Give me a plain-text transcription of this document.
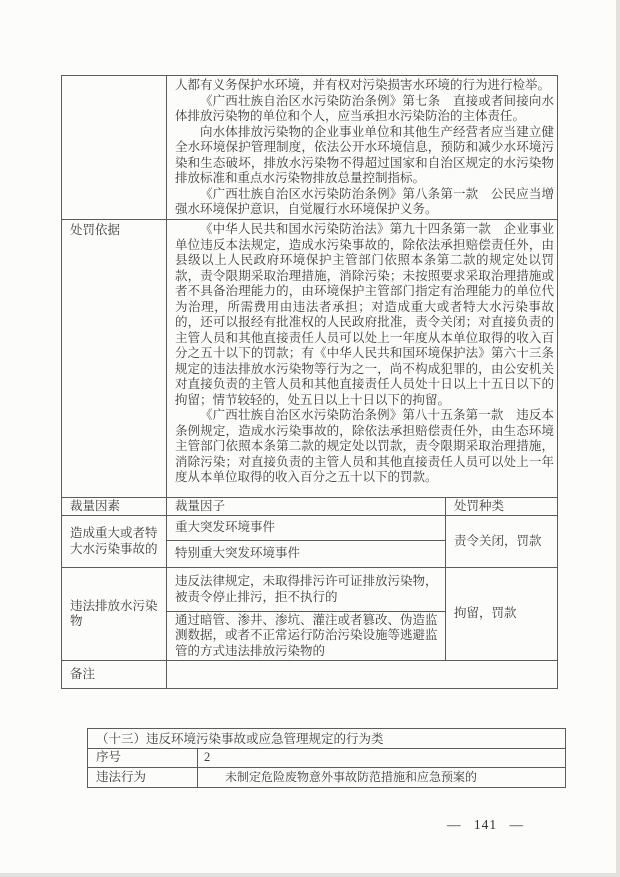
	人都有义务保护水环境，并有权对污染损害水环境的行为进行检举。

《广西壮族自治区水污染防治条例》第七条　直接或者间接向水体排放污染物的单位和个人，应当承担水污染防治的主体责任。

向水体排放污染物的企业事业单位和其他生产经营者应当建立健全水环境保护管理制度，依法公开水环境信息，预防和减少水环境污染和生态破坏，排放水污染物不得超过国家和自治区规定的水污染物排放标准和重点水污染物排放总量控制指标。

《广西壮族自治区水污染防治条例》第八条第一款　公民应当增强水环境保护意识，自觉履行水环境保护义务。	

处罚依据	《中华人民共和国水污染防治法》第九十四条第一款　企业事业单位违反本法规定，造成水污染事故的，除依法承担赔偿责任外，由县级以上人民政府环境保护主管部门依照本条第二款的规定处以罚款，责令限期采取治理措施，消除污染；未按照要求采取治理措施或者不具备治理能力的，由环境保护主管部门指定有治理能力的单位代为治理，所需费用由违法者承担；对造成重大或者特大水污染事故的，还可以报经有批准权的人民政府批准，责令关闭；对直接负责的主管人员和其他直接责任人员可以处上一年度从本单位取得的收入百分之五十以下的罚款；有《中华人民共和国环境保护法》第六十三条规定的违法排放水污染物等行为之一，尚不构成犯罪的，由公安机关对直接负责的主管人员和其他直接责任人员处十日以上十五日以下的拘留；情节较轻的，处五日以上十日以下的拘留。

《广西壮族自治区水污染防治条例》第八十五条第一款　违反本条例规定，造成水污染事故的，除依法承担赔偿责任外，由生态环境主管部门依照本条第二款的规定处以罚款，责令限期采取治理措施，消除污染；对直接负责的主管人员和其他直接责任人员可以处上一年度从本单位取得的收入百分之五十以下的罚款。	

裁量因素	裁量因子	处罚种类
造成重大或者特大水污染事故的	重大突发环境事件	责令关闭，罚款
	特别重大突发环境事件	
违法排放水污染物	违反法律规定，未取得排污许可证排放污染物，被责令停止排污，拒不执行的	拘留，罚款
	通过暗管、渗井、渗坑、灌注或者篡改、伪造监测数据，或者不正常运行防治污染设施等逃避监管的方式违法排放污染物的	
备注		
（十三）违反环境污染事故或应急管理规定的行为类	
序号	2
违法行为	未制定危险废物意外事故防范措施和应急预案的
— 141 —
